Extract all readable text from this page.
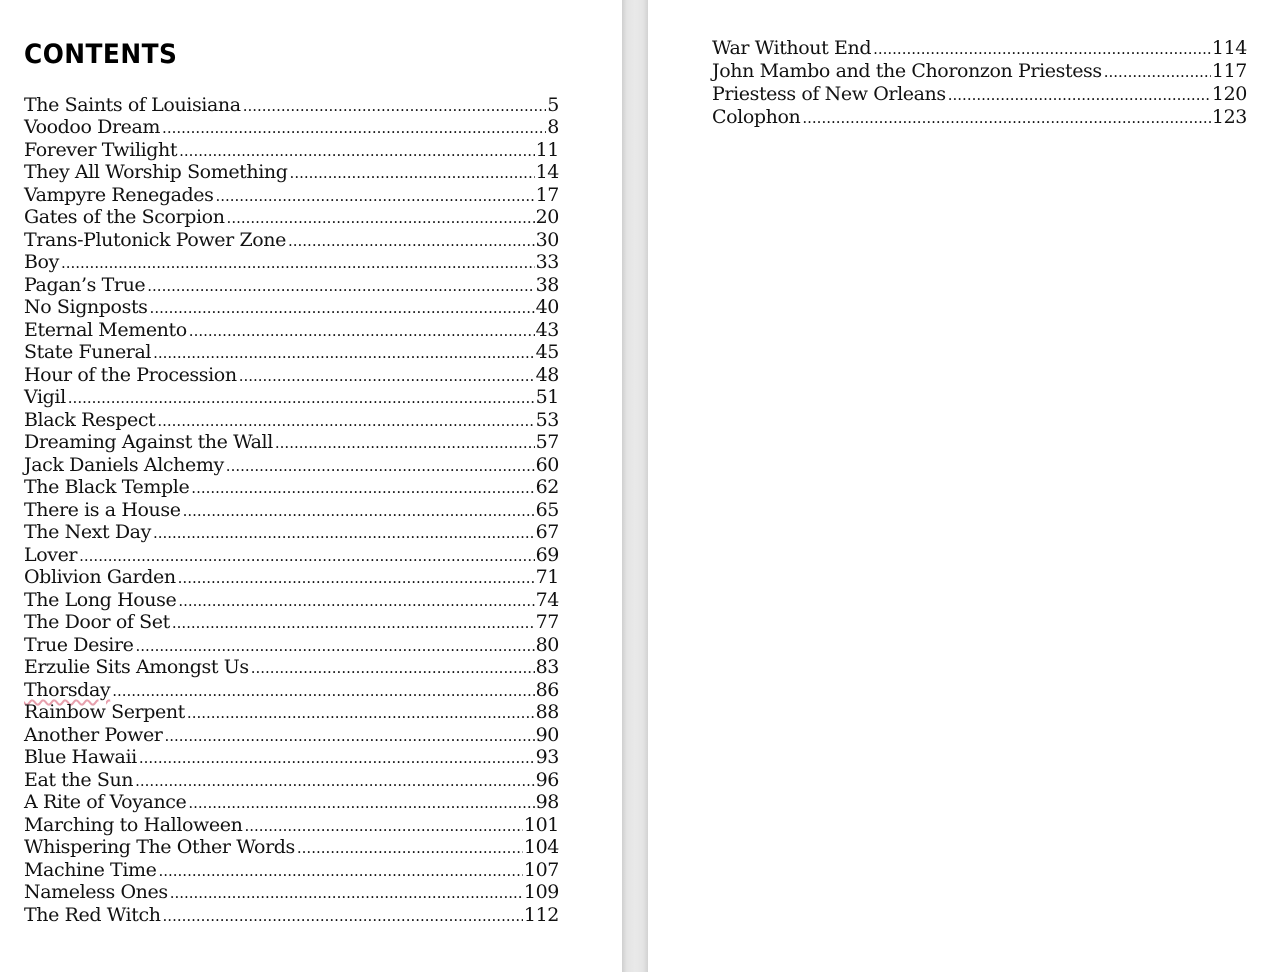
CONTENTS
The Saints of Louisiana .....	5
Voodoo Dream .....	8
Forever Twilight .....	11
They All Worship Something .....	14
Vampyre Renegades .....	17
Gates of the Scorpion .....	20
Trans-Plutonick Power Zone .....	30
Boy .....	33
Pagan’s True .....	38
No Signposts .....	40
Eternal Memento .....	43
State Funeral .....	45
Hour of the Procession .....	48
Vigil .....	51
Black Respect .....	53
Dreaming Against the Wall .....	57
Jack Daniels Alchemy .....	60
The Black Temple .....	62
There is a House .....	65
The Next Day .....	67
Lover .....	69
Oblivion Garden .....	71
The Long House .....	74
The Door of Set .....	77
True Desire .....	80
Erzulie Sits Amongst Us .....	83
Thorsday .....	86
Rainbow Serpent .....	88
Another Power .....	90
Blue Hawaii .....	93
Eat the Sun .....	96
A Rite of Voyance .....	98
Marching to Halloween .....	101
Whispering The Other Words .....	104
Machine Time .....	107
Nameless Ones .....	109
The Red Witch .....	112
War Without End .....	114
John Mambo and the Choronzon Priestess .....	117
Priestess of New Orleans .....	120
Colophon .....	123
